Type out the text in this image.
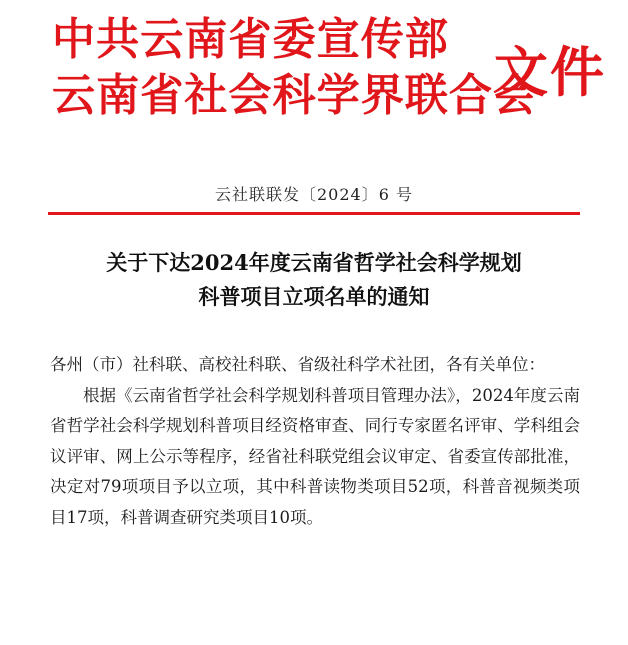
中共云南省委宣传部
云南省社会科学界联合会
文件
云社联联发〔2024〕6 号
关于下达2024年度云南省哲学社会科学规划
科普项目立项名单的通知

各州（市）社科联、高校社科联、省级社科学术社团，各有关单位：

根据《云南省哲学社会科学规划科普项目管理办法》，2024年度云南省哲学社会科学规划科普项目经资格审查、同行专家匿名评审、学科组会议评审、网上公示等程序，经省社科联党组会议审定、省委宣传部批准，决定对79项项目予以立项，其中科普读物类项目52项，科普音视频类项目17项，科普调查研究类项目10项。
